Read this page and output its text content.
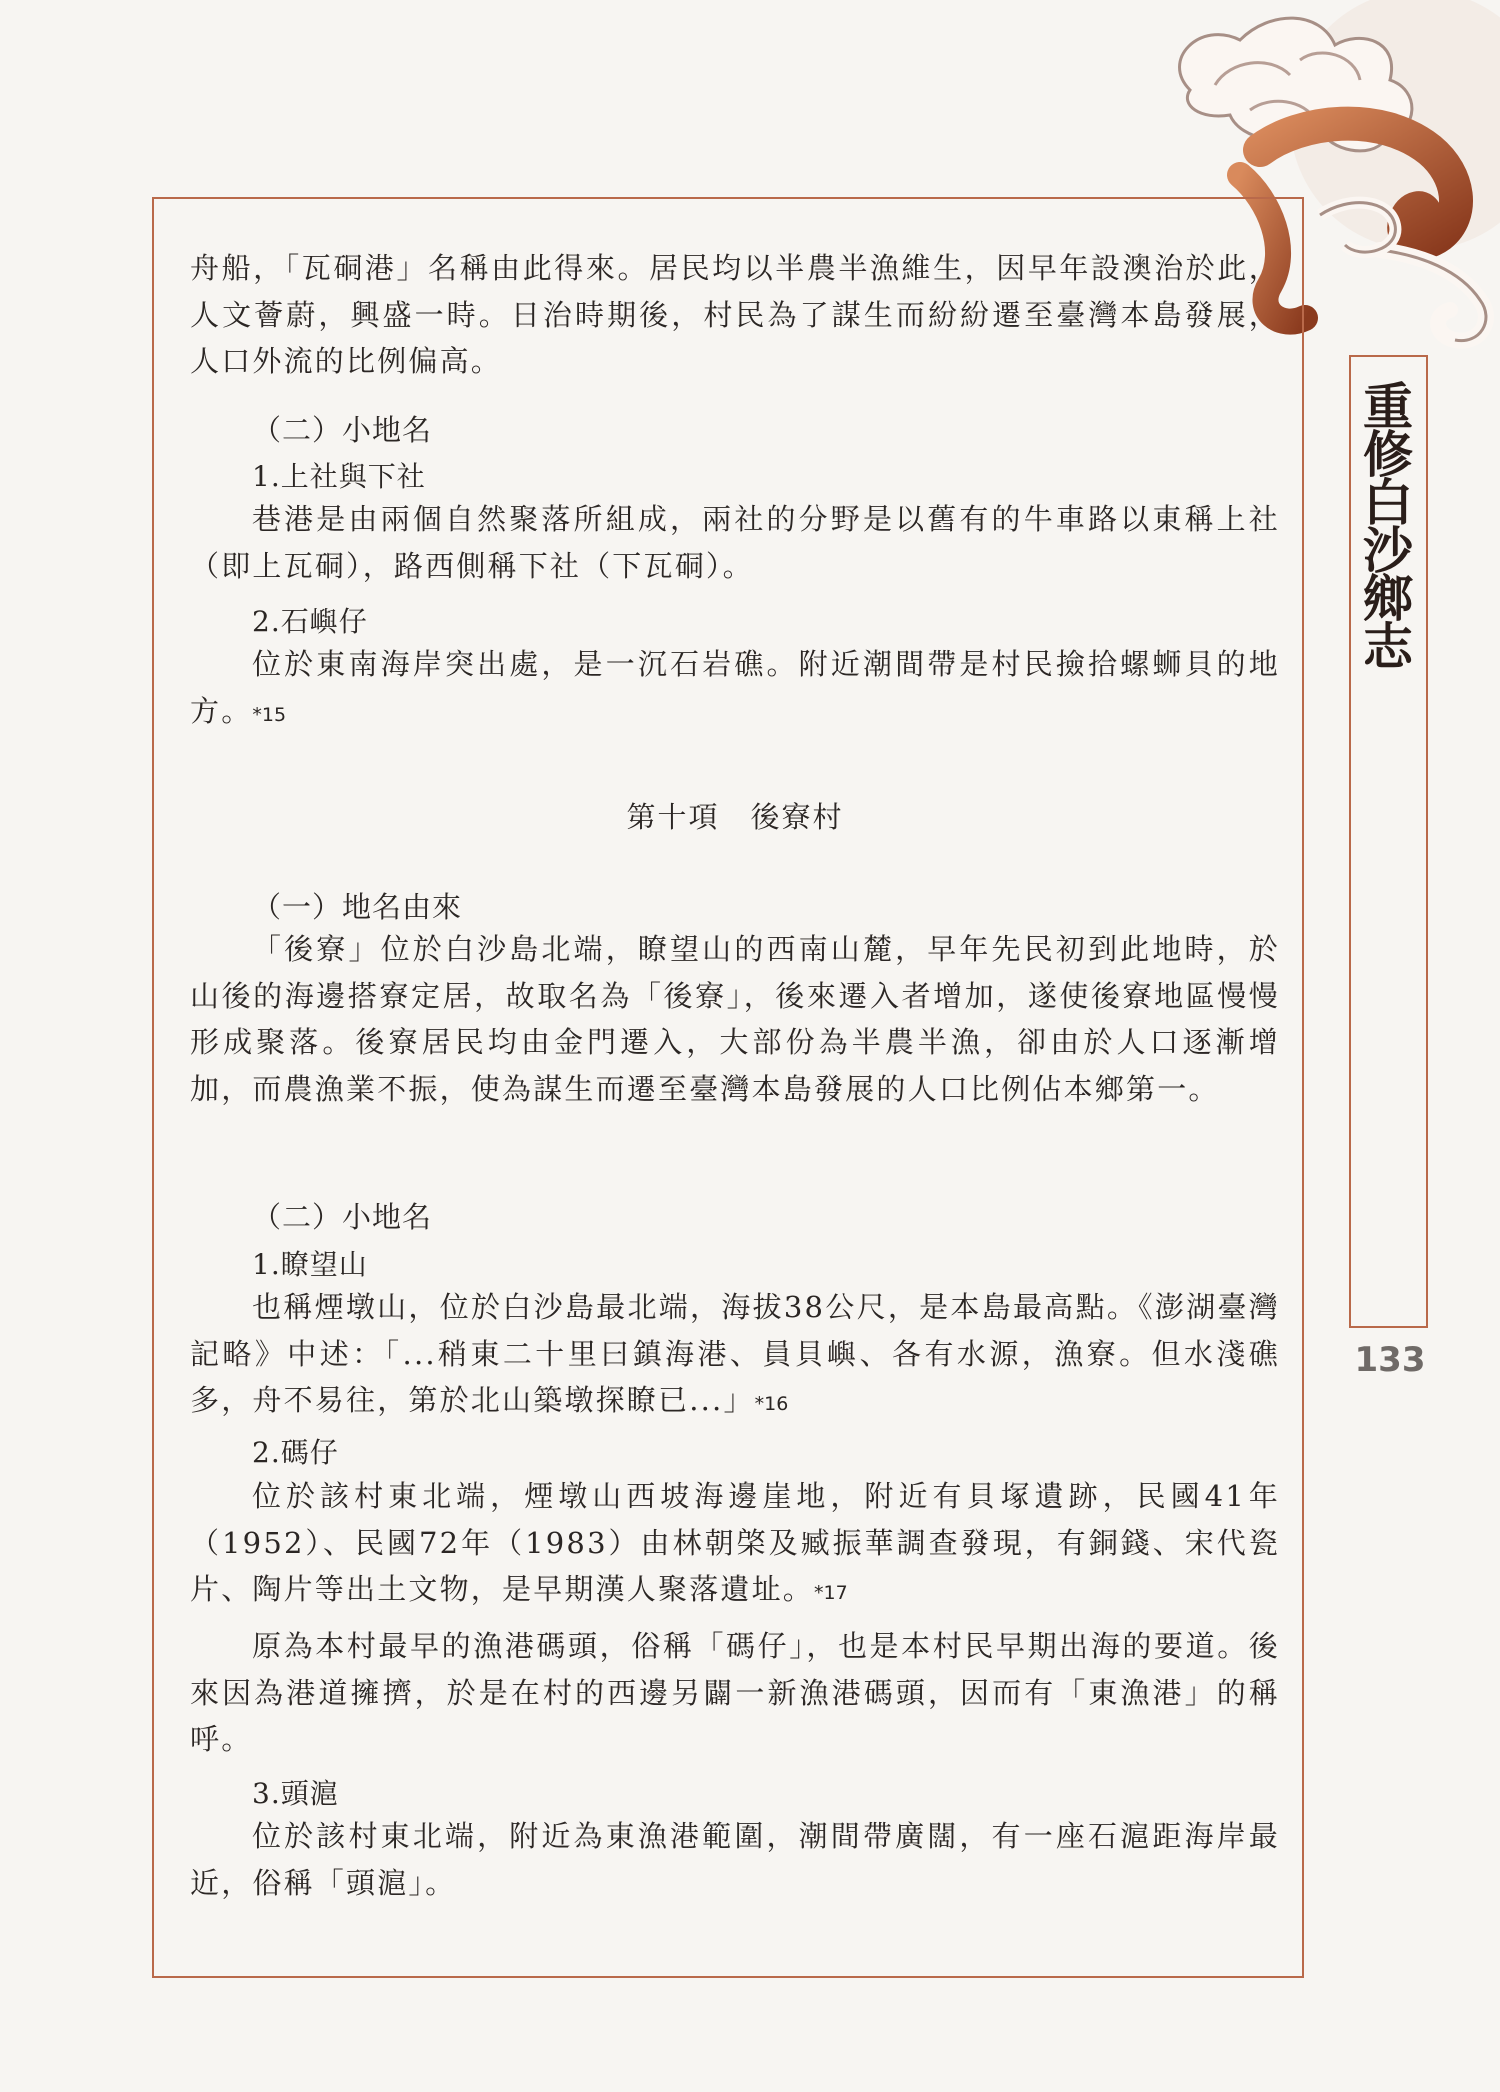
重修白沙鄉志
133
舟船，「瓦硐港」名稱由此得來。居民均以半農半漁維生，因早年設澳治於此，人文薈蔚，興盛一時。日治時期後，村民為了謀生而紛紛遷至臺灣本島發展，人口外流的比例偏高。
（二）小地名
1.上社與下社
巷港是由兩個自然聚落所組成，兩社的分野是以舊有的牛車路以東稱上社（即上瓦硐），路西側稱下社（下瓦硐）。
2.石嶼仔
位於東南海岸突出處，是一沉石岩礁。附近潮間帶是村民撿拾螺蛳貝的地方。*15
第十項　後寮村
（一）地名由來
「後寮」位於白沙島北端，瞭望山的西南山麓，早年先民初到此地時，於山後的海邊搭寮定居，故取名為「後寮」，後來遷入者增加，遂使後寮地區慢慢形成聚落。後寮居民均由金門遷入，大部份為半農半漁，卻由於人口逐漸增加，而農漁業不振，使為謀生而遷至臺灣本島發展的人口比例佔本鄉第一。
（二）小地名
1.瞭望山
也稱煙墩山，位於白沙島最北端，海拔38公尺，是本島最高點。《澎湖臺灣記略》中述：「...稍東二十里曰鎮海港、員貝嶼、各有水源，漁寮。但水淺礁多，舟不易往，第於北山築墩探瞭已...」*16
2.碼仔
位於該村東北端，煙墩山西坡海邊崖地，附近有貝塚遺跡，民國41年（1952）、民國72年（1983）由林朝棨及臧振華調查發現，有銅錢、宋代瓷片、陶片等出土文物，是早期漢人聚落遺址。*17
原為本村最早的漁港碼頭，俗稱「碼仔」，也是本村民早期出海的要道。後來因為港道擁擠，於是在村的西邊另闢一新漁港碼頭，因而有「東漁港」的稱呼。
3.頭滬
位於該村東北端，附近為東漁港範圍，潮間帶廣闊，有一座石滬距海岸最近，俗稱「頭滬」。
